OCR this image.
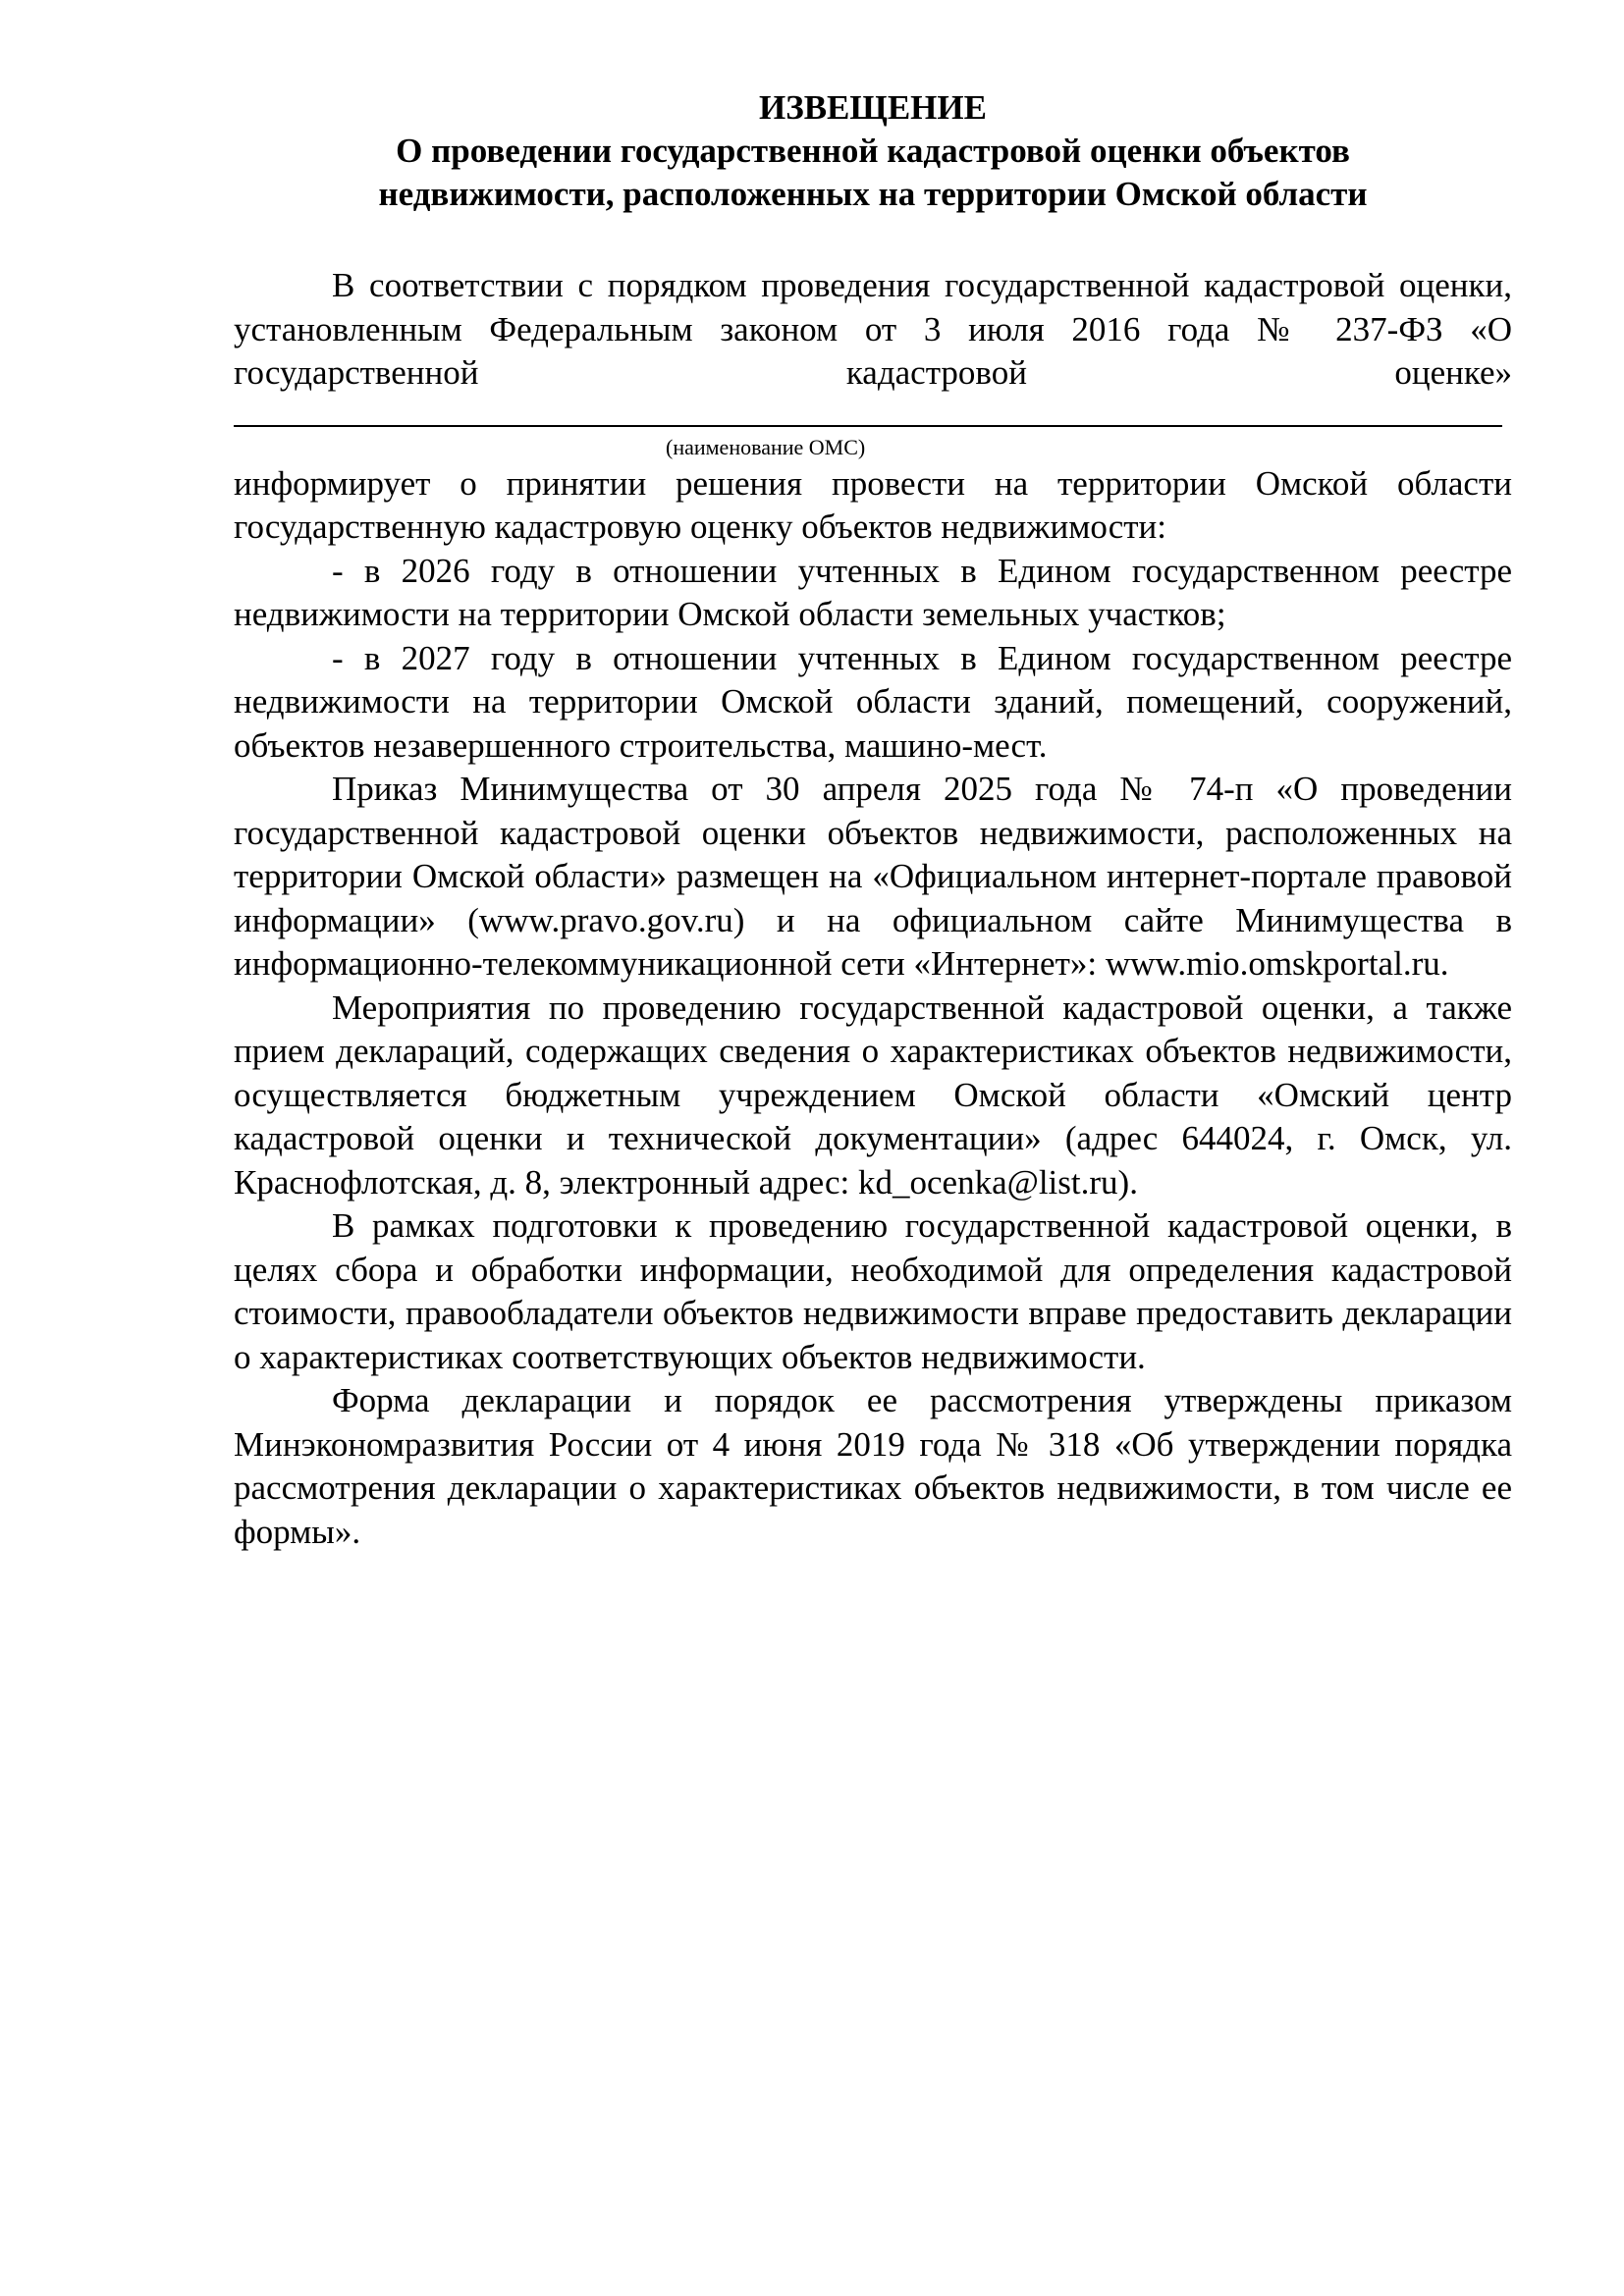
ИЗВЕЩЕНИЕ

О проведении государственной кадастровой оценки объектов

недвижимости, расположенных на территории Омской области

В соответствии с порядком проведения государственной кадастровой оценки, установленным Федеральным законом от 3 июля 2016 года № 237-ФЗ «О государственной кадастровой оценке»

(наименование ОМС)

информирует о принятии решения провести на территории Омской области государственную кадастровую оценку объектов недвижимости:

- в 2026 году в отношении учтенных в Едином государственном реестре недвижимости на территории Омской области земельных участков;

- в 2027 году в отношении учтенных в Едином государственном реестре недвижимости на территории Омской области зданий, помещений, сооружений, объектов незавершенного строительства, машино-мест.

Приказ Минимущества от 30 апреля 2025 года № 74-п «О проведении государственной кадастровой оценки объектов недвижимости, расположенных на территории Омской области» размещен на «Официальном интернет-портале правовой информации» (www.pravo.gov.ru) и на официальном сайте Минимущества в информационно-телекоммуникационной сети «Интернет»: www.mio.omskportal.ru.

Мероприятия по проведению государственной кадастровой оценки, а также прием деклараций, содержащих сведения о характеристиках объектов недвижимости, осуществляется бюджетным учреждением Омской области «Омский центр кадастровой оценки и технической документации» (адрес 644024, г. Омск, ул. Краснофлотская, д. 8, электронный адрес: kd_ocenka@list.ru).

В рамках подготовки к проведению государственной кадастровой оценки, в целях сбора и обработки информации, необходимой для определения кадастровой стоимости, правообладатели объектов недвижимости вправе предоставить декларации о характеристиках соответствующих объектов недвижимости.

Форма декларации и порядок ее рассмотрения утверждены приказом Минэкономразвития России от 4 июня 2019 года № 318 «Об утверждении порядка рассмотрения декларации о характеристиках объектов недвижимости, в том числе ее формы».
